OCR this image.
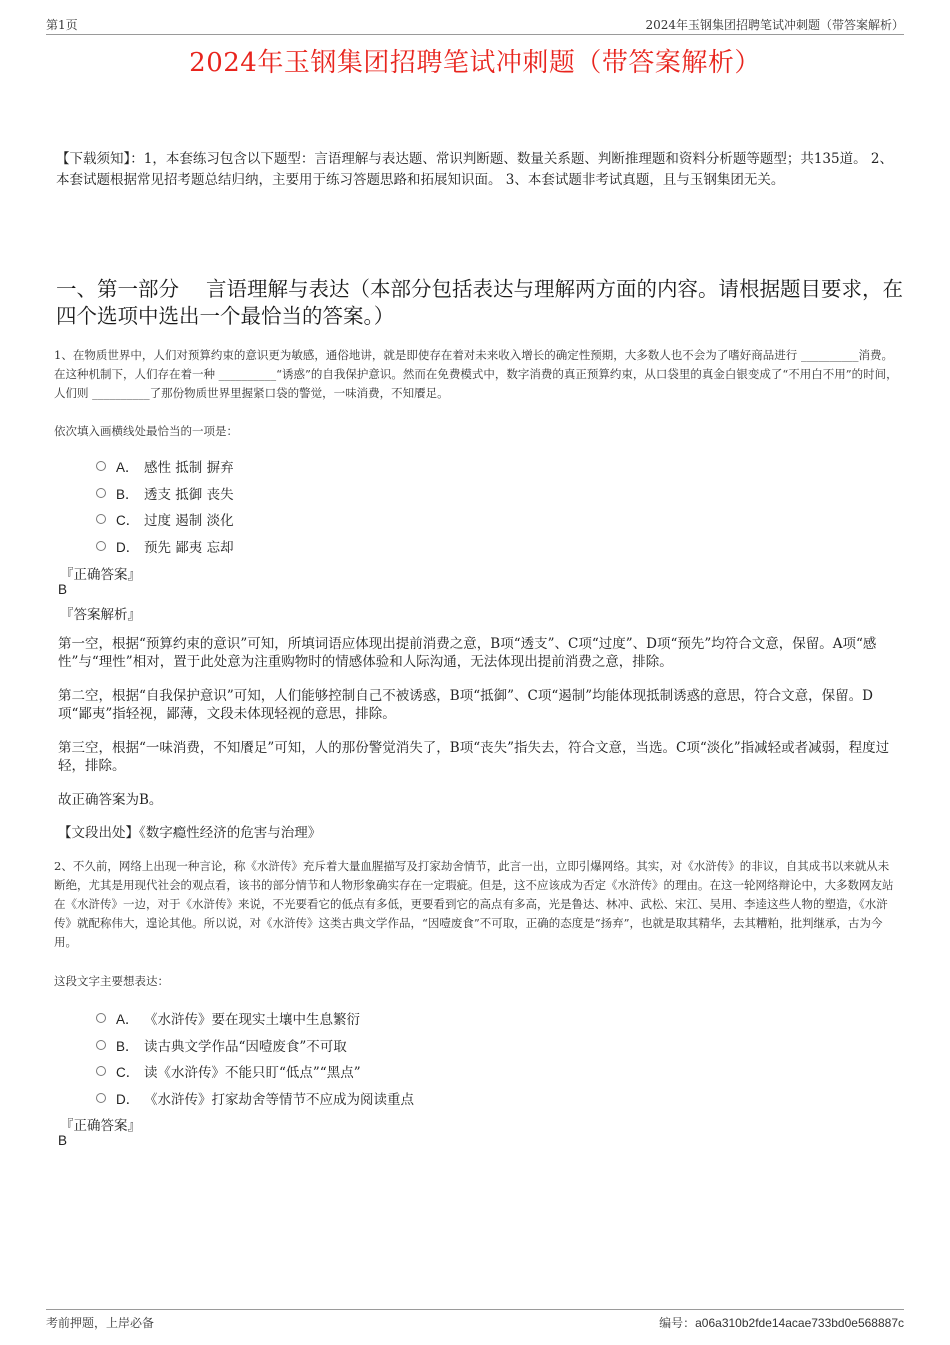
第1页	2024年玉钢集团招聘笔试冲刺题（带答案解析）
2024年玉钢集团招聘笔试冲刺题（带答案解析）
【下载须知】：1，本套练习包含以下题型：言语理解与表达题、常识判断题、数量关系题、判断推理题和资料分析题等题型；共135道。 2、本套试题根据常见招考题总结归纳，主要用于练习答题思路和拓展知识面。 3、本套试题非考试真题，且与玉钢集团无关。
一、第一部分　 言语理解与表达（本部分包括表达与理解两方面的内容。请根据题目要求，在四个选项中选出一个最恰当的答案。）
1、在物质世界中，人们对预算约束的意识更为敏感，通俗地讲，就是即使存在着对未来收入增长的确定性预期，大多数人也不会为了嗜好商品进行 __________消费。在这种机制下，人们存在着一种 __________“诱惑”的自我保护意识。然而在免费模式中，数字消费的真正预算约束，从口袋里的真金白银变成了“不用白不用”的时间，人们则 __________了那份物质世界里握紧口袋的警觉，一味消费，不知餍足。
依次填入画横线处最恰当的一项是：
A． 感性 抵制 摒弃
B． 透支 抵御 丧失
C． 过度 遏制 淡化
D． 预先 鄙夷 忘却
『正确答案』
B
『答案解析』
第一空，根据“预算约束的意识”可知，所填词语应体现出提前消费之意，B项“透支”、C项“过度”、D项“预先”均符合文意，保留。A项“感性”与“理性”相对，置于此处意为注重购物时的情感体验和人际沟通，无法体现出提前消费之意，排除。
第二空，根据“自我保护意识”可知，人们能够控制自己不被诱惑，B项“抵御”、C项“遏制”均能体现抵制诱惑的意思，符合文意，保留。D项“鄙夷”指轻视，鄙薄，文段未体现轻视的意思，排除。
第三空，根据“一味消费，不知餍足”可知，人的那份警觉消失了，B项“丧失”指失去，符合文意，当选。C项“淡化”指减轻或者减弱，程度过轻，排除。
故正确答案为B。
【文段出处】《数字瘾性经济的危害与治理》
2、不久前，网络上出现一种言论，称《水浒传》充斥着大量血腥描写及打家劫舍情节，此言一出，立即引爆网络。其实，对《水浒传》的非议，自其成书以来就从未断绝，尤其是用现代社会的观点看，该书的部分情节和人物形象确实存在一定瑕疵。但是，这不应该成为否定《水浒传》的理由。在这一轮网络辩论中，大多数网友站在《水浒传》一边，对于《水浒传》来说，不光要看它的低点有多低，更要看到它的高点有多高，光是鲁达、林冲、武松、宋江、吴用、李逵这些人物的塑造，《水浒传》就配称伟大，遑论其他。所以说，对《水浒传》这类古典文学作品，“因噎废食”不可取，正确的态度是“扬弃”，也就是取其精华，去其糟粕，批判继承，古为今用。
这段文字主要想表达：
A． 《水浒传》要在现实土壤中生息繁衍
B． 读古典文学作品“因噎废食”不可取
C． 读《水浒传》不能只盯“低点”“黑点”
D． 《水浒传》打家劫舍等情节不应成为阅读重点
『正确答案』
B
考前押题，上岸必备	编号：a06a310b2fde14acae733bd0e568887c
